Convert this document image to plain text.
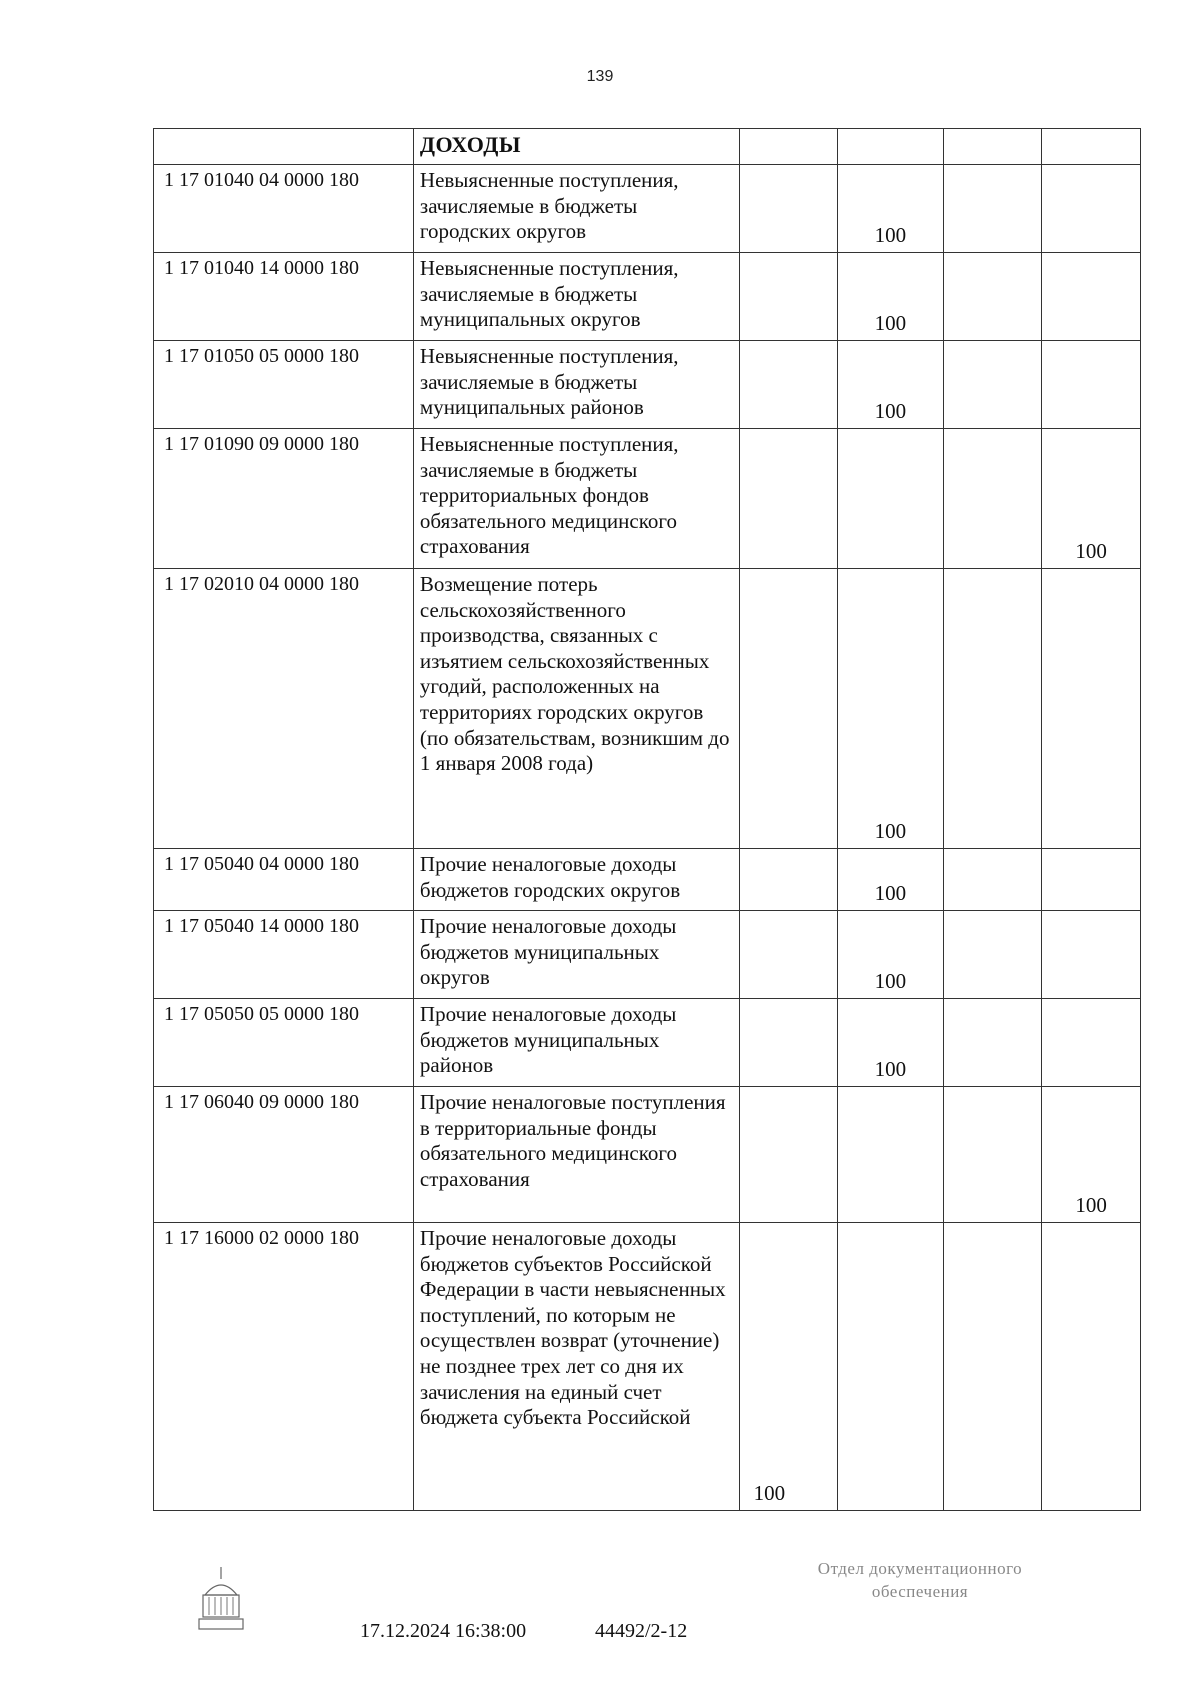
139
	ДОХОДЫ				
1 17 01040 04 0000 180	Невыясненные поступления, зачисляемые в бюджеты городских округов		100		
1 17 01040 14 0000 180	Невыясненные поступления, зачисляемые в бюджеты муниципальных округов		100		
1 17 01050 05 0000 180	Невыясненные поступления, зачисляемые в бюджеты муниципальных районов		100		
1 17 01090 09 0000 180	Невыясненные поступления, зачисляемые в бюджеты территориальных фондов обязательного медицинского страхования				100
1 17 02010 04 0000 180	Возмещение потерь сельскохозяйственного производства, связанных с изъятием сельскохозяйственных угодий, расположенных на территориях городских округов (по обязательствам, возникшим до 1 января 2008 года)		100		
1 17 05040 04 0000 180	Прочие неналоговые доходы бюджетов городских округов		100		
1 17 05040 14 0000 180	Прочие неналоговые доходы бюджетов муниципальных округов		100		
1 17 05050 05 0000 180	Прочие неналоговые доходы бюджетов муниципальных районов		100		
1 17 06040 09 0000 180	Прочие неналоговые поступления в территориальные фонды обязательного медицинского страхования				100
1 17 16000 02 0000 180	Прочие неналоговые доходы бюджетов субъектов Российской Федерации в части невыясненных поступлений, по которым не осуществлен возврат (уточнение) не позднее трех лет со дня их зачисления на единый счет бюджета субъекта Российской	100			
17.12.2024 16:38:00	44492/2-12
Отдел документационного
обеспечения
